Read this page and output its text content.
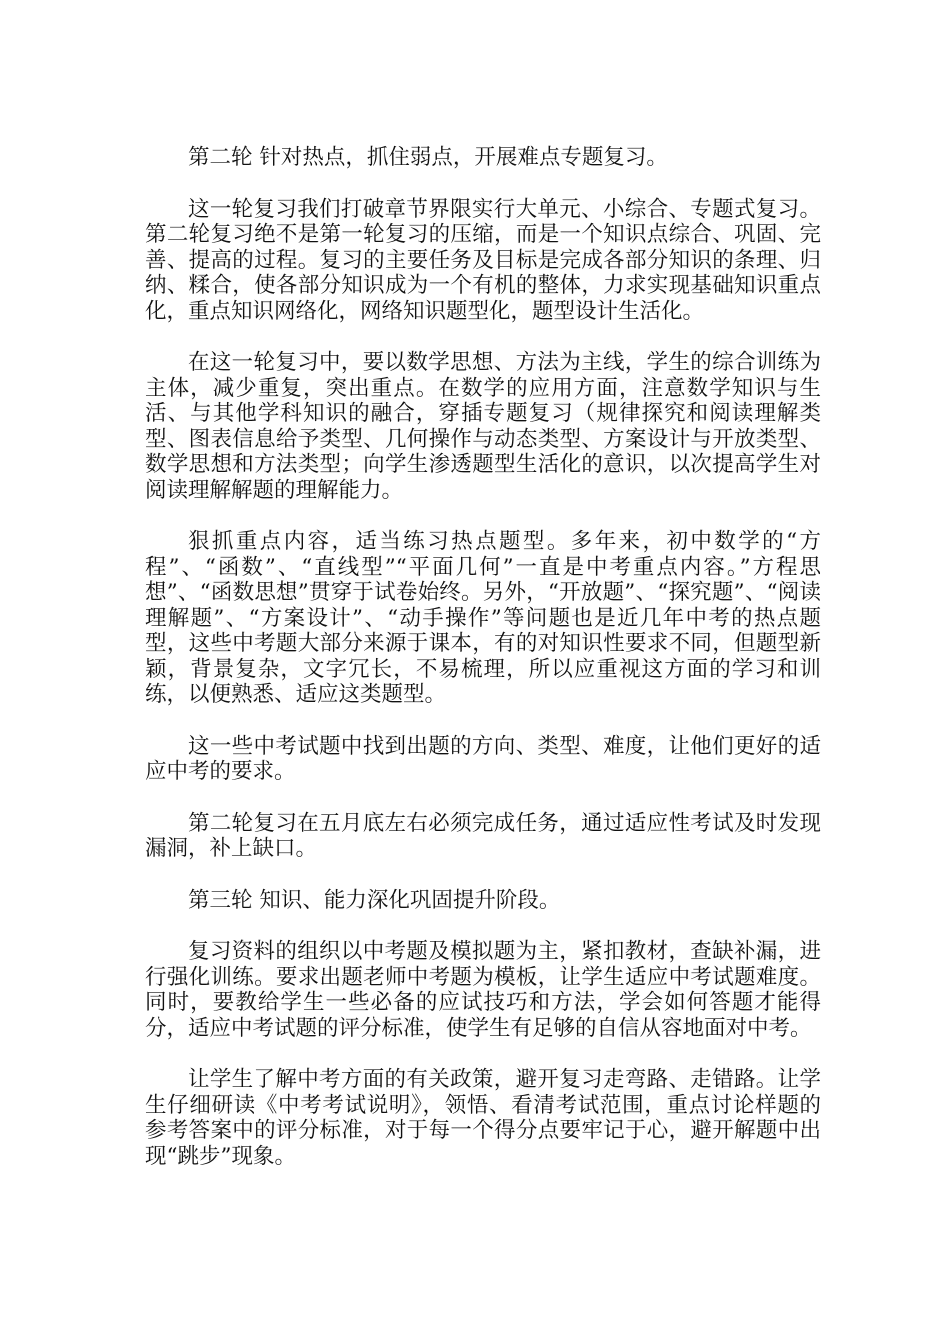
第二轮 针对热点，抓住弱点，开展难点专题复习。

这一轮复习我们打破章节界限实行大单元、小综合、专题式复习。第二轮复习绝不是第一轮复习的压缩，而是一个知识点综合、巩固、完善、提高的过程。复习的主要任务及目标是完成各部分知识的条理、归纳、糅合，使各部分知识成为一个有机的整体，力求实现基础知识重点化，重点知识网络化，网络知识题型化，题型设计生活化。

在这一轮复习中，要以数学思想、方法为主线，学生的综合训练为主体，减少重复，突出重点。在数学的应用方面，注意数学知识与生活、与其他学科知识的融合，穿插专题复习（规律探究和阅读理解类型、图表信息给予类型、几何操作与动态类型、方案设计与开放类型、数学思想和方法类型；向学生渗透题型生活化的意识，以次提高学生对阅读理解解题的理解能力。

狠抓重点内容，适当练习热点题型。多年来，初中数学的“方程”、“函数”、“直线型”“平面几何”一直是中考重点内容。”方程思想”、“函数思想”贯穿于试卷始终。另外，“开放题”、“探究题”、“阅读理解题”、“方案设计”、“动手操作”等问题也是近几年中考的热点题型，这些中考题大部分来源于课本，有的对知识性要求不同，但题型新颖，背景复杂，文字冗长，不易梳理，所以应重视这方面的学习和训练，以便熟悉、适应这类题型。

这一些中考试题中找到出题的方向、类型、难度，让他们更好的适应中考的要求。

第二轮复习在五月底左右必须完成任务，通过适应性考试及时发现漏洞，补上缺口。

第三轮 知识、能力深化巩固提升阶段。

复习资料的组织以中考题及模拟题为主，紧扣教材，查缺补漏，进行强化训练。要求出题老师中考题为模板，让学生适应中考试题难度。同时，要教给学生一些必备的应试技巧和方法，学会如何答题才能得分，适应中考试题的评分标准，使学生有足够的自信从容地面对中考。

让学生了解中考方面的有关政策，避开复习走弯路、走错路。让学生仔细研读《中考考试说明》，领悟、看清考试范围，重点讨论样题的参考答案中的评分标准，对于每一个得分点要牢记于心，避开解题中出现“跳步”现象。
